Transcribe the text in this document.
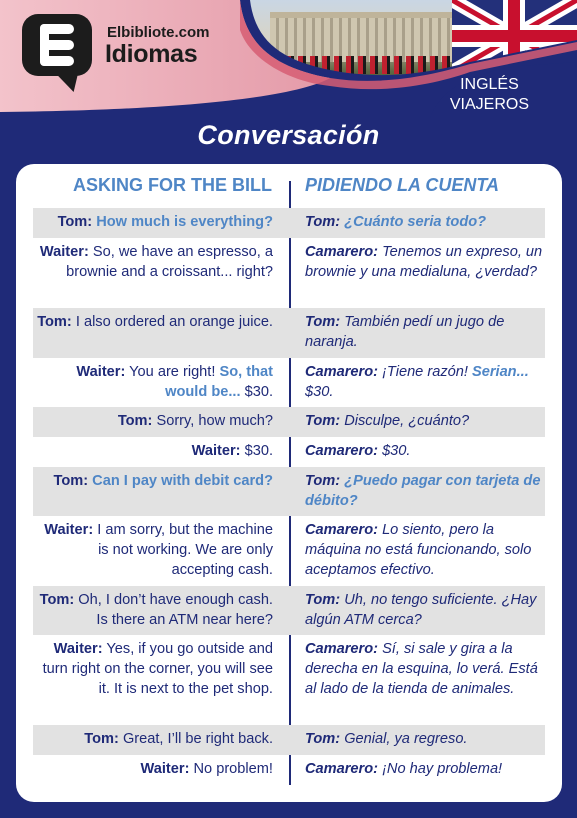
Elbibliote.com
Idiomas
INGLÉS
VIAJEROS
Conversación
ASKING FOR THE BILL PIDIENDO LA CUENTA
Tom: How much is everything? Tom: ¿Cuánto seria todo?
Waiter: So, we have an espresso, a brownie and a croissant... right?
Camarero: Tenemos un expreso, un brownie y una medialuna, ¿verdad?
Tom: I also ordered an orange juice. Tom: También pedí un jugo de naranja.
Waiter: You are right! So, that would be... $30.
Camarero: ¡Tiene razón! Serian... $30.
Tom: Sorry, how much? Tom: Disculpe, ¿cuánto?
Waiter: $30. Camarero: $30.
Tom: Can I pay with debit card? Tom: ¿Puedo pagar con tarjeta de débito?
Waiter: I am sorry, but the machine is not working. We are only accepting cash.
Camarero: Lo siento, pero la máquina no está funcionando, solo aceptamos efectivo.
Tom: Oh, I don’t have enough cash. Is there an ATM near here?
Tom: Uh, no tengo suficiente. ¿Hay algún ATM cerca?
Waiter: Yes, if you go outside and turn right on the corner, you will see it. It is next to the pet shop.
Camarero: Sí, si sale y gira a la derecha en la esquina, lo verá. Está al lado de la tienda de animales.
Tom: Great, I’ll be right back. Tom: Genial, ya regreso.
Waiter: No problem! Camarero: ¡No hay problema!
